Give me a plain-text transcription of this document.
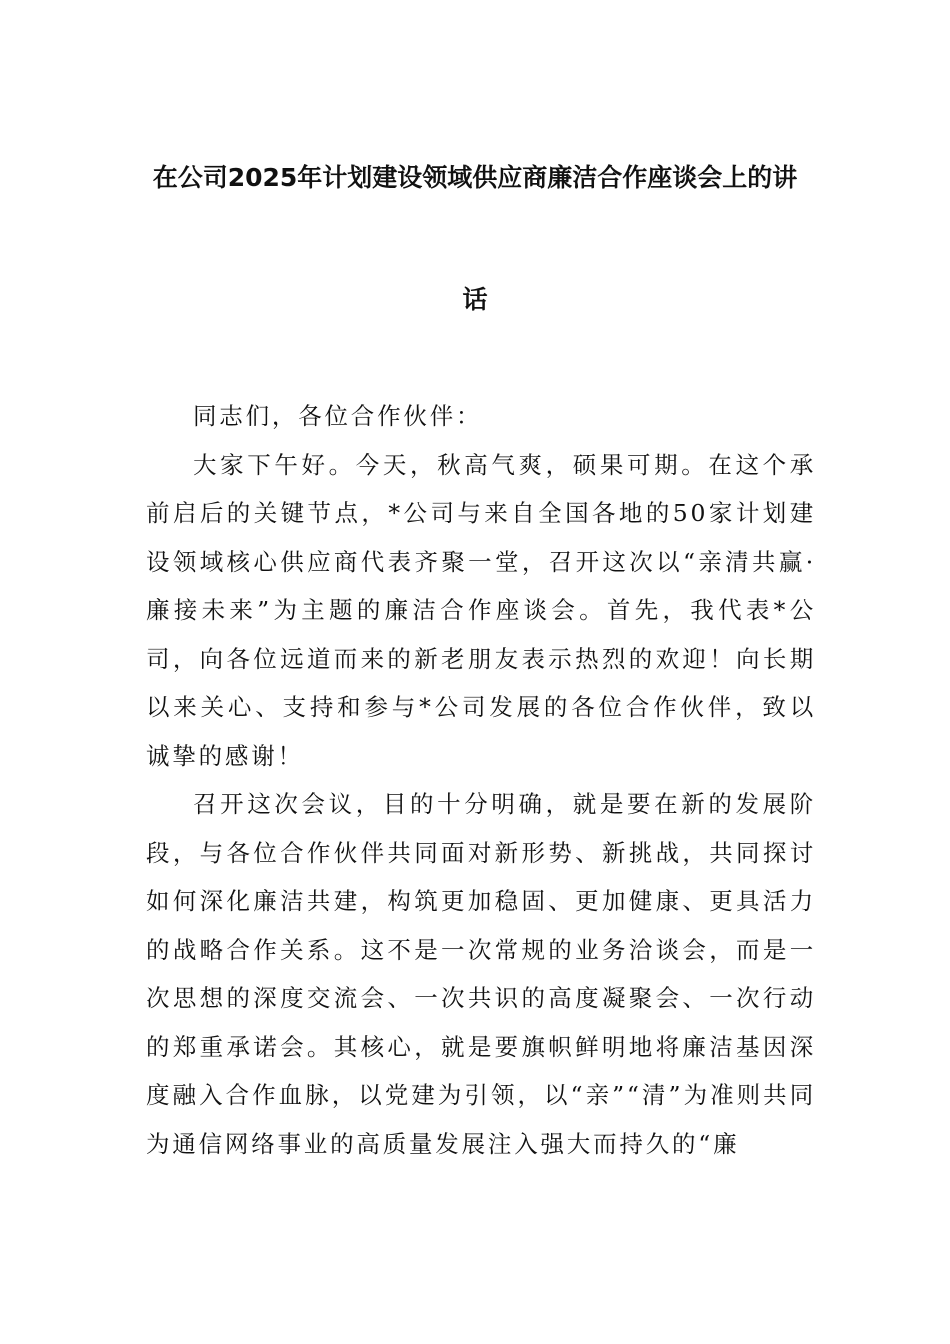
在公司2025年计划建设领域供应商廉洁合作座谈会上的讲
话

同志们，各位合作伙伴：

大家下午好。今天，秋高气爽，硕果可期。在这个承前启后的关键节点，*公司与来自全国各地的50家计划建设领域核心供应商代表齐聚一堂，召开这次以“亲清共赢·廉接未来”为主题的廉洁合作座谈会。首先，我代表*公司，向各位远道而来的新老朋友表示热烈的欢迎！向长期以来关心、支持和参与*公司发展的各位合作伙伴，致以诚挚的感谢！

召开这次会议，目的十分明确，就是要在新的发展阶段，与各位合作伙伴共同面对新形势、新挑战，共同探讨如何深化廉洁共建，构筑更加稳固、更加健康、更具活力的战略合作关系。这不是一次常规的业务洽谈会，而是一次思想的深度交流会、一次共识的高度凝聚会、一次行动的郑重承诺会。其核心，就是要旗帜鲜明地将廉洁基因深度融入合作血脉，以党建为引领，以“亲”“清”为准则共同为通信网络事业的高质量发展注入强大而持久的“廉
